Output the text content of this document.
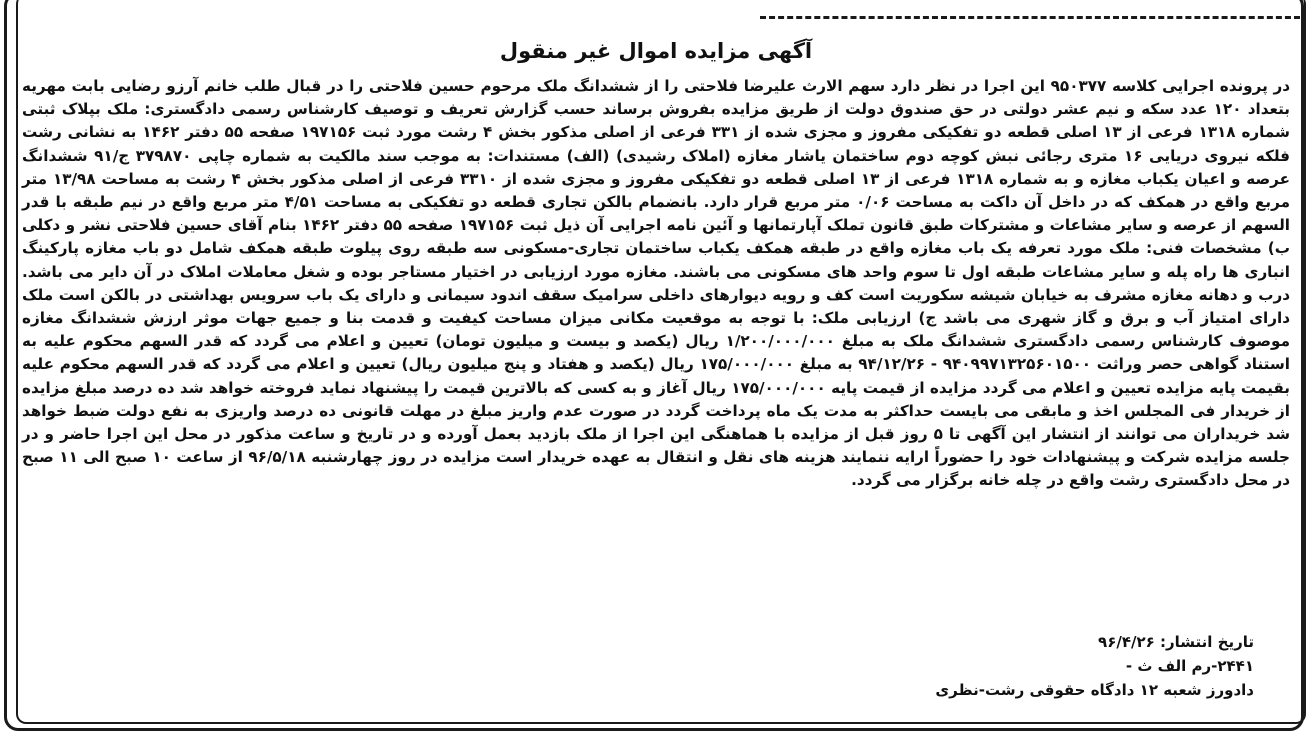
آگهی مزایده اموال غیر منقول

در پرونده اجرایی کلاسه ۹۵۰۳۷۷ این اجرا در نظر دارد سهم الارث علیرضا فلاحتی را از ششدانگ ملک مرحوم حسین فلاحتی را در قبال طلب خانم آرزو رضایی بابت مهریه بتعداد ۱۲۰ عدد سکه و نیم عشر دولتی در حق صندوق دولت از طریق مزایده بفروش برساند حسب گزارش تعریف و توصیف کارشناس رسمی دادگستری: ملک بپلاک ثبتی شماره ۱۳۱۸ فرعی از ۱۳ اصلی قطعه دو تفکیکی مفروز و مجزی شده از ۳۳۱ فرعی از اصلی مذکور بخش ۴ رشت مورد ثبت ۱۹۷۱۵۶ صفحه ۵۵ دفتر ۱۴۶۲ به نشانی رشت فلکه نیروی دریایی ۱۶ متری رجائی نبش کوچه دوم ساختمان یاشار مغازه (املاک رشیدی) (الف) مستندات: به موجب سند مالکیت به شماره چاپی ۳۷۹۸۷۰ ج/۹۱ ششدانگ عرصه و اعیان یکباب مغازه و به شماره ۱۳۱۸ فرعی از ۱۳ اصلی قطعه دو تفکیکی مفروز و مجزی شده از ۳۳۱۰ فرعی از اصلی مذکور بخش ۴ رشت به مساحت ۱۳/۹۸ متر مربع واقع در همکف که در داخل آن داکت به مساحت ۰/۰۶ متر مربع قرار دارد. بانضمام بالکن تجاری قطعه دو تفکیکی به مساحت ۴/۵۱ متر مربع واقع در نیم طبقه با قدر السهم از عرصه و سایر مشاعات و مشترکات طبق قانون تملک آپارتمانها و آئین نامه اجرایی آن ذیل ثبت ۱۹۷۱۵۶ صفحه ۵۵ دفتر ۱۴۶۲ بنام آقای حسین فلاحتی نشر و دکلی ب) مشخصات فنی: ملک مورد تعرفه یک باب مغازه واقع در طبقه همکف یکباب ساختمان تجاری-مسکونی سه طبقه روی پیلوت طبقه همکف شامل دو باب مغازه پارکینگ انباری ها راه پله و سایر مشاعات طبقه اول تا سوم واحد های مسکونی می باشند. مغازه مورد ارزیابی در اختیار مستاجر بوده و شغل معاملات املاک در آن دایر می باشد. درب و دهانه مغازه مشرف به خیابان شیشه سکوریت است کف و رویه دیوارهای داخلی سرامیک سقف اندود سیمانی و دارای یک باب سرویس بهداشتی در بالکن است ملک دارای امتیاز آب و برق و گاز شهری می باشد ج) ارزیابی ملک: با توجه به موقعیت مکانی میزان مساحت کیفیت و قدمت بنا و جمیع جهات موثر ارزش ششدانگ مغازه موصوف کارشناس رسمی دادگستری ششدانگ ملک به مبلغ ۱/۲۰۰/۰۰۰/۰۰۰ ریال (یکصد و بیست و میلیون تومان) تعیین و اعلام می گردد که قدر السهم محکوم علیه به استناد گواهی حصر وراثت ۹۴۰۹۹۷۱۳۲۵۶۰۱۵۰۰ - ۹۴/۱۲/۲۶ به مبلغ ۱۷۵/۰۰۰/۰۰۰ ریال (یکصد و هفتاد و پنج میلیون ریال) تعیین و اعلام می گردد که قدر السهم محکوم علیه بقیمت پایه مزایده تعیین و اعلام می گردد مزایده از قیمت پایه ۱۷۵/۰۰۰/۰۰۰ ریال آغاز و به کسی که بالاترین قیمت را پیشنهاد نماید فروخته خواهد شد ده درصد مبلغ مزایده از خریدار فی المجلس اخذ و مابقی می بایست حداکثر به مدت یک ماه پرداخت گردد در صورت عدم واریز مبلغ در مهلت قانونی ده درصد واریزی به نفع دولت ضبط خواهد شد خریداران می توانند از انتشار این آگهی تا ۵ روز قبل از مزایده با هماهنگی این اجرا از ملک بازدید بعمل آورده و در تاریخ و ساعت مذکور در محل این اجرا حاضر و در جلسه مزایده شرکت و پیشنهادات خود را حضوراً ارایه ننمایند هزینه های نقل و انتقال به عهده خریدار است مزایده در روز چهارشنبه ۹۶/۵/۱۸ از ساعت ۱۰ صبح الی ۱۱ صبح در محل دادگستری رشت واقع در چله خانه برگزار می گردد.

تاریخ انتشار: ۹۶/۴/۲۶
۲۴۴۱-رم الف ث -
دادورز شعبه ۱۲ دادگاه حقوقی رشت-نظری
